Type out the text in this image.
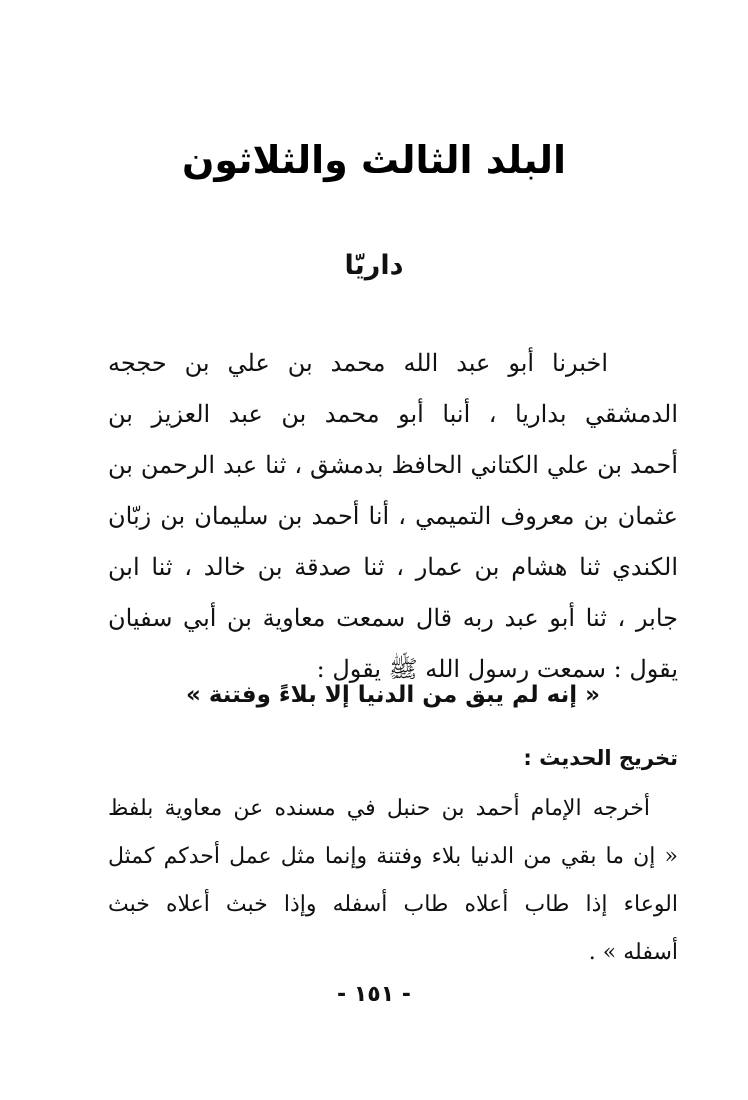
البلد الثالث والثلاثون
داريّا
اخبرنا أبو عبد الله محمد بن علي بن حججه
الدمشقي بداريا ، أنبا أبو محمد بن عبد العزيز بن
أحمد بن علي الكتاني الحافظ بدمشق ، ثنا عبد الرحمن بن
عثمان بن معروف التميمي ، أنا أحمد بن سليمان بن زبّان
الكندي ثنا هشام بن عمار ، ثنا صدقة بن خالد ، ثنا ابن
جابر ، ثنا أبو عبد ربه قال سمعت معاوية بن أبي سفيان
يقول : سمعت رسول الله ﷺ يقول :
« إنه لم يبق من الدنيا إلا بلاءً وفتنة »
تخريج الحديث :
أخرجه الإمام أحمد بن حنبل في مسنده عن معاوية بلفظ
« إن ما بقي من الدنيا بلاء وفتنة وإنما مثل عمل أحدكم كمثل
الوعاء إذا طاب أعلاه طاب أسفله وإذا خبث أعلاه خبث
أسفله » .
- ١٥١ -
